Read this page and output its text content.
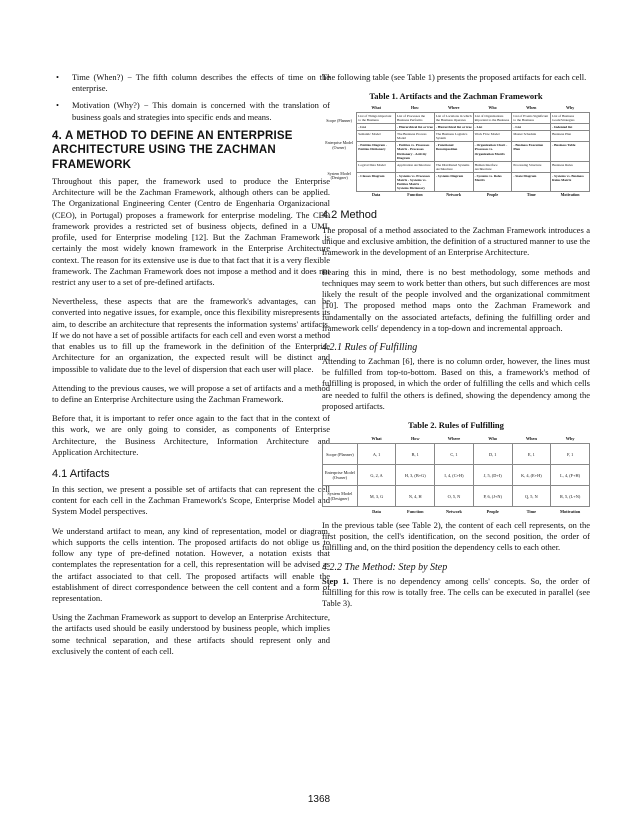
• Time (When?) − The fifth column describes the effects of time on the enterprise.
• Motivation (Why?) − This domain is concerned with the translation of business goals and strategies into specific ends and means.
4. A METHOD TO DEFINE AN ENTERPRISE ARCHITECTURE USING THE ZACHMAN FRAMEWORK

Throughout this paper, the framework used to produce the Enterprise Architecture will be the Zachman Framework, although others can be applied. The Organizational Engineering Center (Centro de Engenharia Organizacional (CEO), in Portugal) proposes a framework for enterprise modeling. The CEO framework provides a restricted set of business objects, defined in a UML profile, used for Enterprise modeling [12]. But the Zachman Framework is certainly the most widely known framework in the Enterprise Architecture context. The reason for its extensive use is due to that fact that it is a very flexible framework. The Zachman Framework does not impose a method and it does not restrict any user to a set of pre-defined artifacts.

Nevertheless, these aspects that are the framework's advantages, can be converted into negative issues, for example, once this flexibility misrepresents its aim, to describe an architecture that represents the information systems' artifacts. If we do not have a set of possible artifacts for each cell and even worst a method that enables us to fill up the framework in the definition of the Enterprise Architecture for an organization, the expected result will be distinct and impossible to validate due to the level of dispersion that each user will place.

Attending to the previous causes, we will propose a set of artifacts and a method to define an Enterprise Architecture using the Zachman Framework.

Before that, it is important to refer once again to the fact that in the context of this work, we are only going to consider, as components of Enterprise Architecture, the Business Architecture, Information Architecture and Application Architecture.

4.1 Artifacts

In this section, we present a possible set of artifacts that can represent the cell content for each cell in the Zachman Framework's Scope, Enterprise Model and System Model perspectives.

We understand artifact to mean, any kind of representation, model or diagram, which supports the cells intention. The proposed artifacts do not oblige us to follow any type of pre-defined notation. However, a notation exists that contemplates the representation for a cell, this representation will be advised as the artifact associated to that cell. The proposed artifacts will enable the establishment of direct correspondence between the cell content and a form of representation.

Using the Zachman Framework as support to develop an Enterprise Architecture, the artifacts used should be easily understood by business people, which implies some technical separation, and these artifacts should represent only and exclusively the content of each cell.

The following table (see Table 1) presents the proposed artifacts for each cell.

Table 1. Artifacts and the Zachman Framework
	What	How	Where	Who	When	Why
Scope (Planner)	List of Things important to the Business	List of Processes the Business Performs	List of Locations in which the Business Operates	List of Organizations important to the Business	List of Events Significant to the Business	List of Business Goals/Strategies
	- List	- Hierarchical list or tree	- Hierarchical list or tree	- List	- List	- Indented list
Enterprise Model (Owner)	Semantic Model	The Business Process Model	The Business Logistics System	Work Flow Model	Master Schedule	Business Plan
	- Entities Diagram - Entities Dictionary	- Entities vs. Processes Matrix - Processes Dictionary - Activity Diagram	- Functional Decomposition	- Organization Chart - Processes vs. Organization Matrix	- Business Execution Plan	- Business Table
System Model (Designer)	Logical Data Model	Application Architecture	The Distributed Systems Architecture	Human Interface Architecture	Processing Structure	Business Rules
	- Classes Diagram	- Systems vs. Processes Matrix - Systems vs. Entities Matrix - Systems Dictionary	- Systems Diagram	- Systems vs. Roles Matrix	- State Diagram	- Systems vs. Business Rules Matrix
	Data	Function	Network	People	Time	Motivation
4.2 Method

The proposal of a method associated to the Zachman Framework introduces a unique and exclusive ambition, the definition of a structured manner to use the framework in the development of an Enterprise Architecture.

Bearing this in mind, there is no best methodology, some methods and techniques may seem to work better than others, but such differences are most likely the result of the people involved and the organizational commitment [10]. The proposed method maps onto the Zachman Framework and fundamentally on the associated artefacts, defining the fulfilling order and framework cells' dependency in a top-down and incremental approach.

4.2.1 Rules of Fulfilling

Attending to Zachman [6], there is no column order, however, the lines must be fulfilled from top-to-bottom. Based on this, a framework's method of fulfilling is proposed, in which the order of fulfilling the cells and which cells are needed to fulfil the others is defined, showing the dependency among the proposed artifacts.

Table 2. Rules of Fulfilling
	What	How	Where	Who	When	Why
Scope (Planner)	A, 1	B, 1	C, 1	D, 1	E, 1	F, 1
Enterprise Model (Owner)	G, 2, A	H, 3, (B+G)	I, 4, (C+H)	J, 5, (D+I)	K, 4, (E+H)	L, 4, (F+H)
System Model (Designer)	M, 3, G	N, 4, H	O, 5, N	P, 6, (J+N)	Q, 5, N	R, 5, (L+N)
	Data	Function	Network	People	Time	Motivation

In the previous table (see Table 2), the content of each cell represents, on the first position, the cell's identification, on the second position, the order of fulfilling and, on the third position the dependency cells to each other.

4.2.2 The Method: Step by Step

Step 1. There is no dependency among cells' concepts. So, the order of fulfilling for this row is totally free. The cells can be executed in parallel (see Table 3).

1368
